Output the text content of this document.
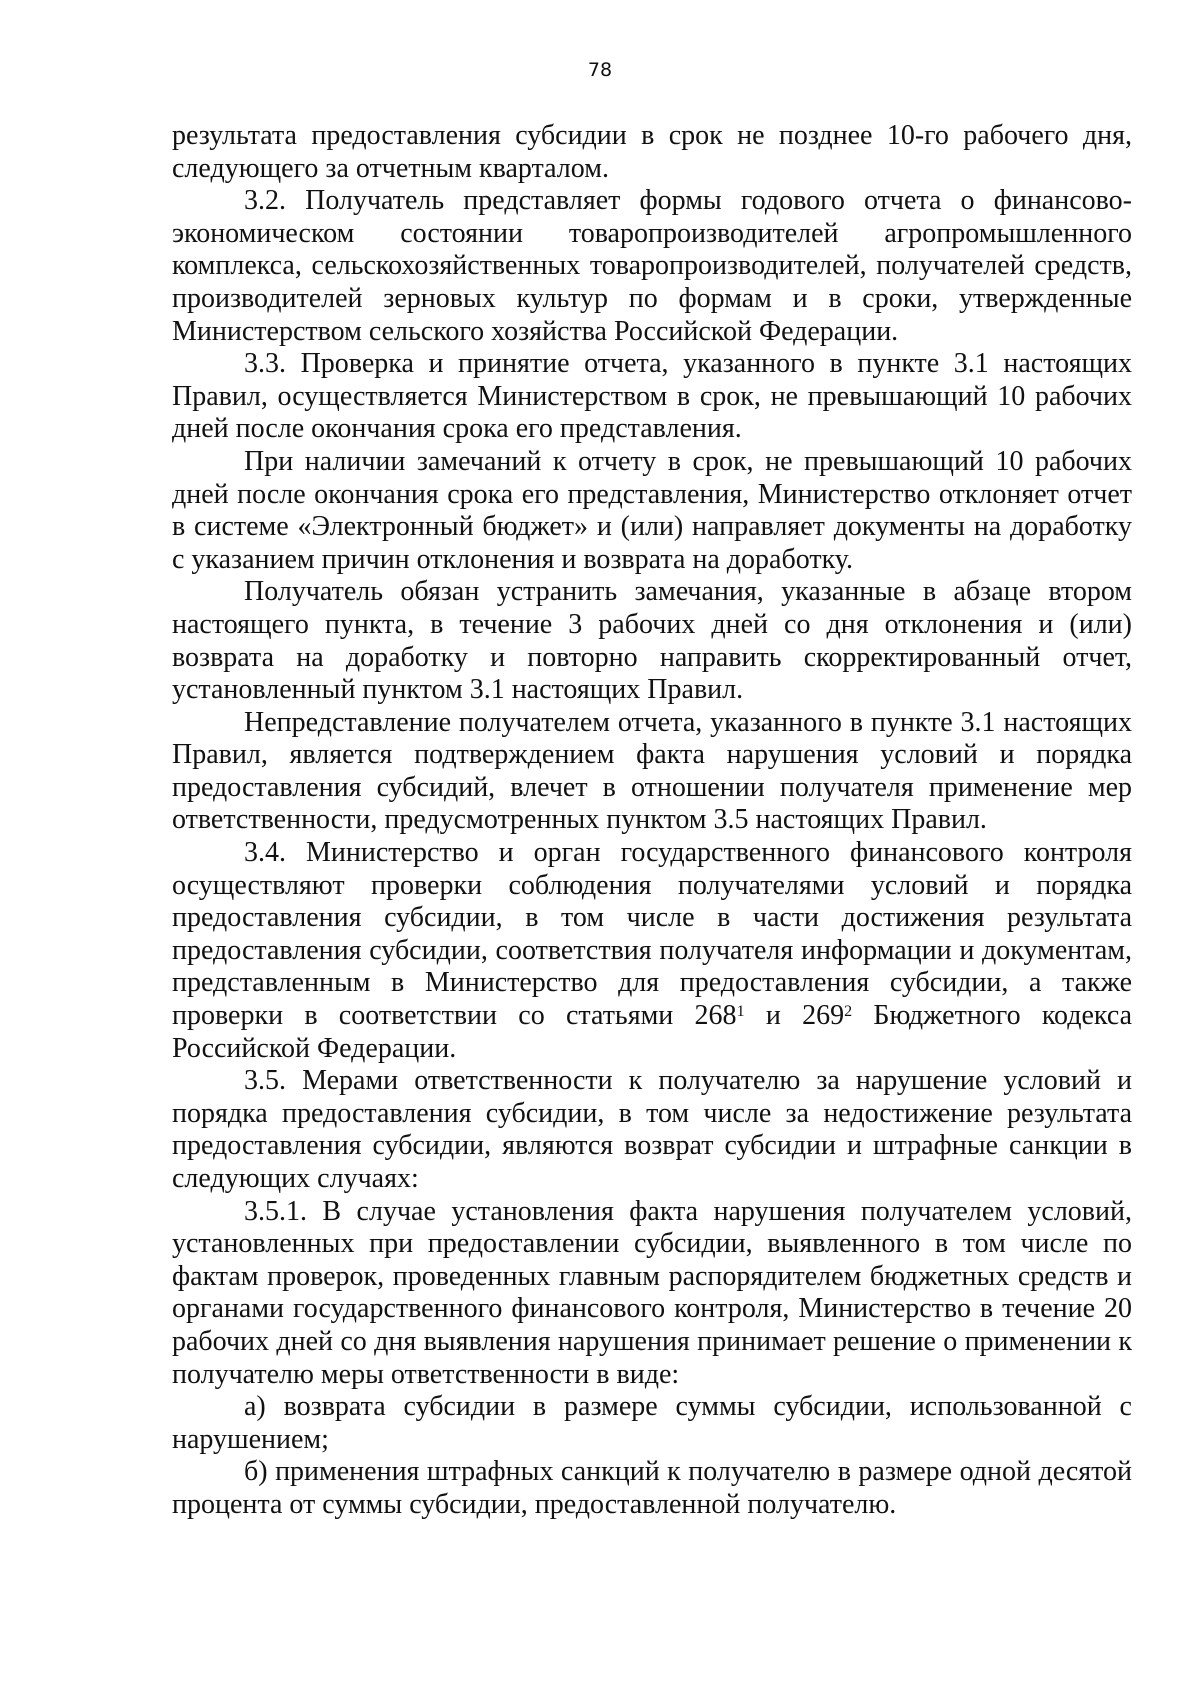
78

результата предоставления субсидии в срок не позднее 10-го рабочего дня, следующего за отчетным кварталом.

3.2. Получатель представляет формы годового отчета о финансово-экономическом состоянии товаропроизводителей агропромышленного комплекса, сельскохозяйственных товаропроизводителей, получателей средств, производителей зерновых культур по формам и в сроки, утвержденные Министерством сельского хозяйства Российской Федерации.

3.3. Проверка и принятие отчета, указанного в пункте 3.1 настоящих Правил, осуществляется Министерством в срок, не превышающий 10 рабочих дней после окончания срока его представления.

При наличии замечаний к отчету в срок, не превышающий 10 рабочих дней после окончания срока его представления, Министерство отклоняет отчет в системе «Электронный бюджет» и (или) направляет документы на доработку с указанием причин отклонения и возврата на доработку.

Получатель обязан устранить замечания, указанные в абзаце втором настоящего пункта, в течение 3 рабочих дней со дня отклонения и (или) возврата на доработку и повторно направить скорректированный отчет, установленный пунктом 3.1 настоящих Правил.

Непредставление получателем отчета, указанного в пункте 3.1 настоящих Правил, является подтверждением факта нарушения условий и порядка предоставления субсидий, влечет в отношении получателя применение мер ответственности, предусмотренных пунктом 3.5 настоящих Правил.

3.4. Министерство и орган государственного финансового контроля осуществляют проверки соблюдения получателями условий и порядка предоставления субсидии, в том числе в части достижения результата предоставления субсидии, соответствия получателя информации и документам, представленным в Министерство для предоставления субсидии, а также проверки в соответствии со статьями $268^1$ и $269^2$ Бюджетного кодекса Российской Федерации.

3.5. Мерами ответственности к получателю за нарушение условий и порядка предоставления субсидии, в том числе за недостижение результата предоставления субсидии, являются возврат субсидии и штрафные санкции в следующих случаях:

3.5.1. В случае установления факта нарушения получателем условий, установленных при предоставлении субсидии, выявленного в том числе по фактам проверок, проведенных главным распорядителем бюджетных средств и органами государственного финансового контроля, Министерство в течение 20 рабочих дней со дня выявления нарушения принимает решение о применении к получателю меры ответственности в виде:

а) возврата субсидии в размере суммы субсидии, использованной с нарушением;

б) применения штрафных санкций к получателю в размере одной десятой процента от суммы субсидии, предоставленной получателю.
